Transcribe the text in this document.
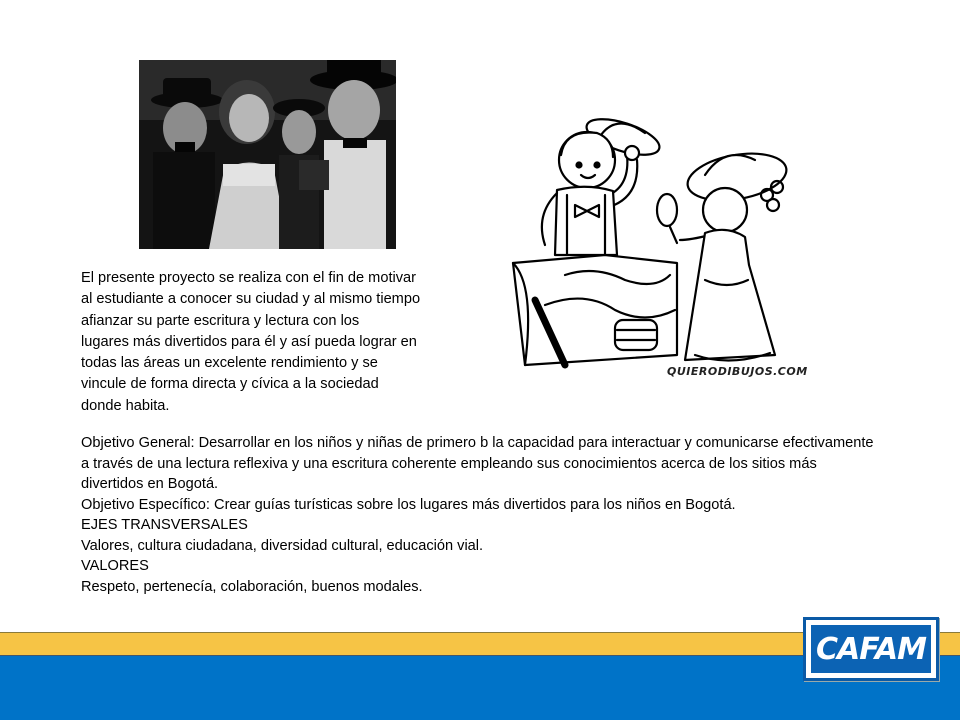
QUIERODIBUJOS.COM
El presente proyecto se realiza con el fin de motivar
al estudiante a conocer su ciudad y al mismo tiempo
afianzar su parte escritura y lectura con los
lugares más divertidos para él y así pueda lograr en
todas las áreas un excelente rendimiento y se
vincule de forma directa y cívica a la sociedad
donde habita.

Objetivo General: Desarrollar en los niños y niñas de primero b la capacidad para interactuar y comunicarse efectivamente a través de una lectura reflexiva y una escritura coherente empleando sus conocimientos acerca de los sitios más divertidos en Bogotá.

Objetivo Específico: Crear guías turísticas sobre los lugares más divertidos para los niños en Bogotá.

EJES TRANSVERSALES

Valores, cultura ciudadana, diversidad cultural, educación vial.

VALORES

Respeto, pertenecía, colaboración, buenos modales.

CAFAM
